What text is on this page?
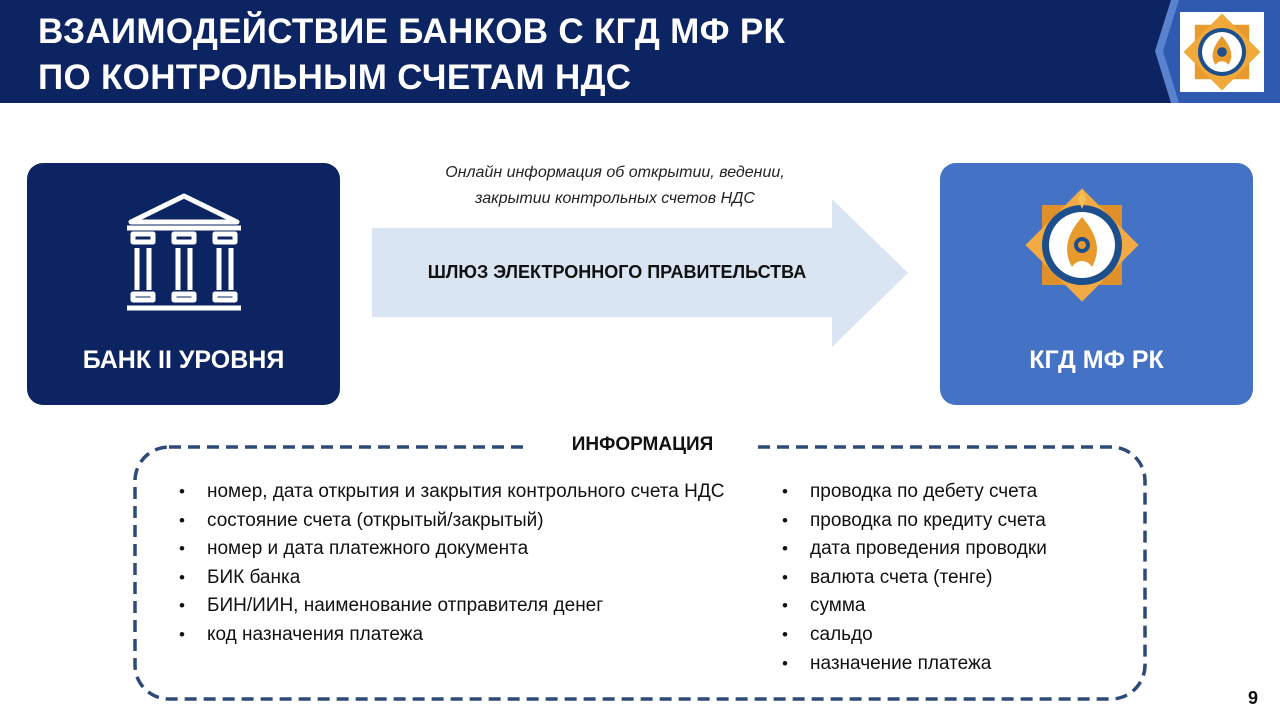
ВЗАИМОДЕЙСТВИЕ БАНКОВ С КГД МФ РК
ПО КОНТРОЛЬНЫМ СЧЕТАМ НДС
БАНК II УРОВНЯ
Онлайн информация об открытии, ведении,
закрытии контрольных счетов НДС
ШЛЮЗ ЭЛЕКТРОННОГО ПРАВИТЕЛЬСТВА
КГД МФ РК
ИНФОРМАЦИЯ
• номер, дата открытия и закрытия контрольного счета НДС
• состояние счета (открытый/закрытый)
• номер и дата платежного документа
• БИК банка
• БИН/ИИН, наименование отправителя денег
• код назначения платежа
• проводка по дебету счета
• проводка по кредиту счета
• дата проведения проводки
• валюта счета (тенге)
• сумма
• сальдо
• назначение платежа
9
